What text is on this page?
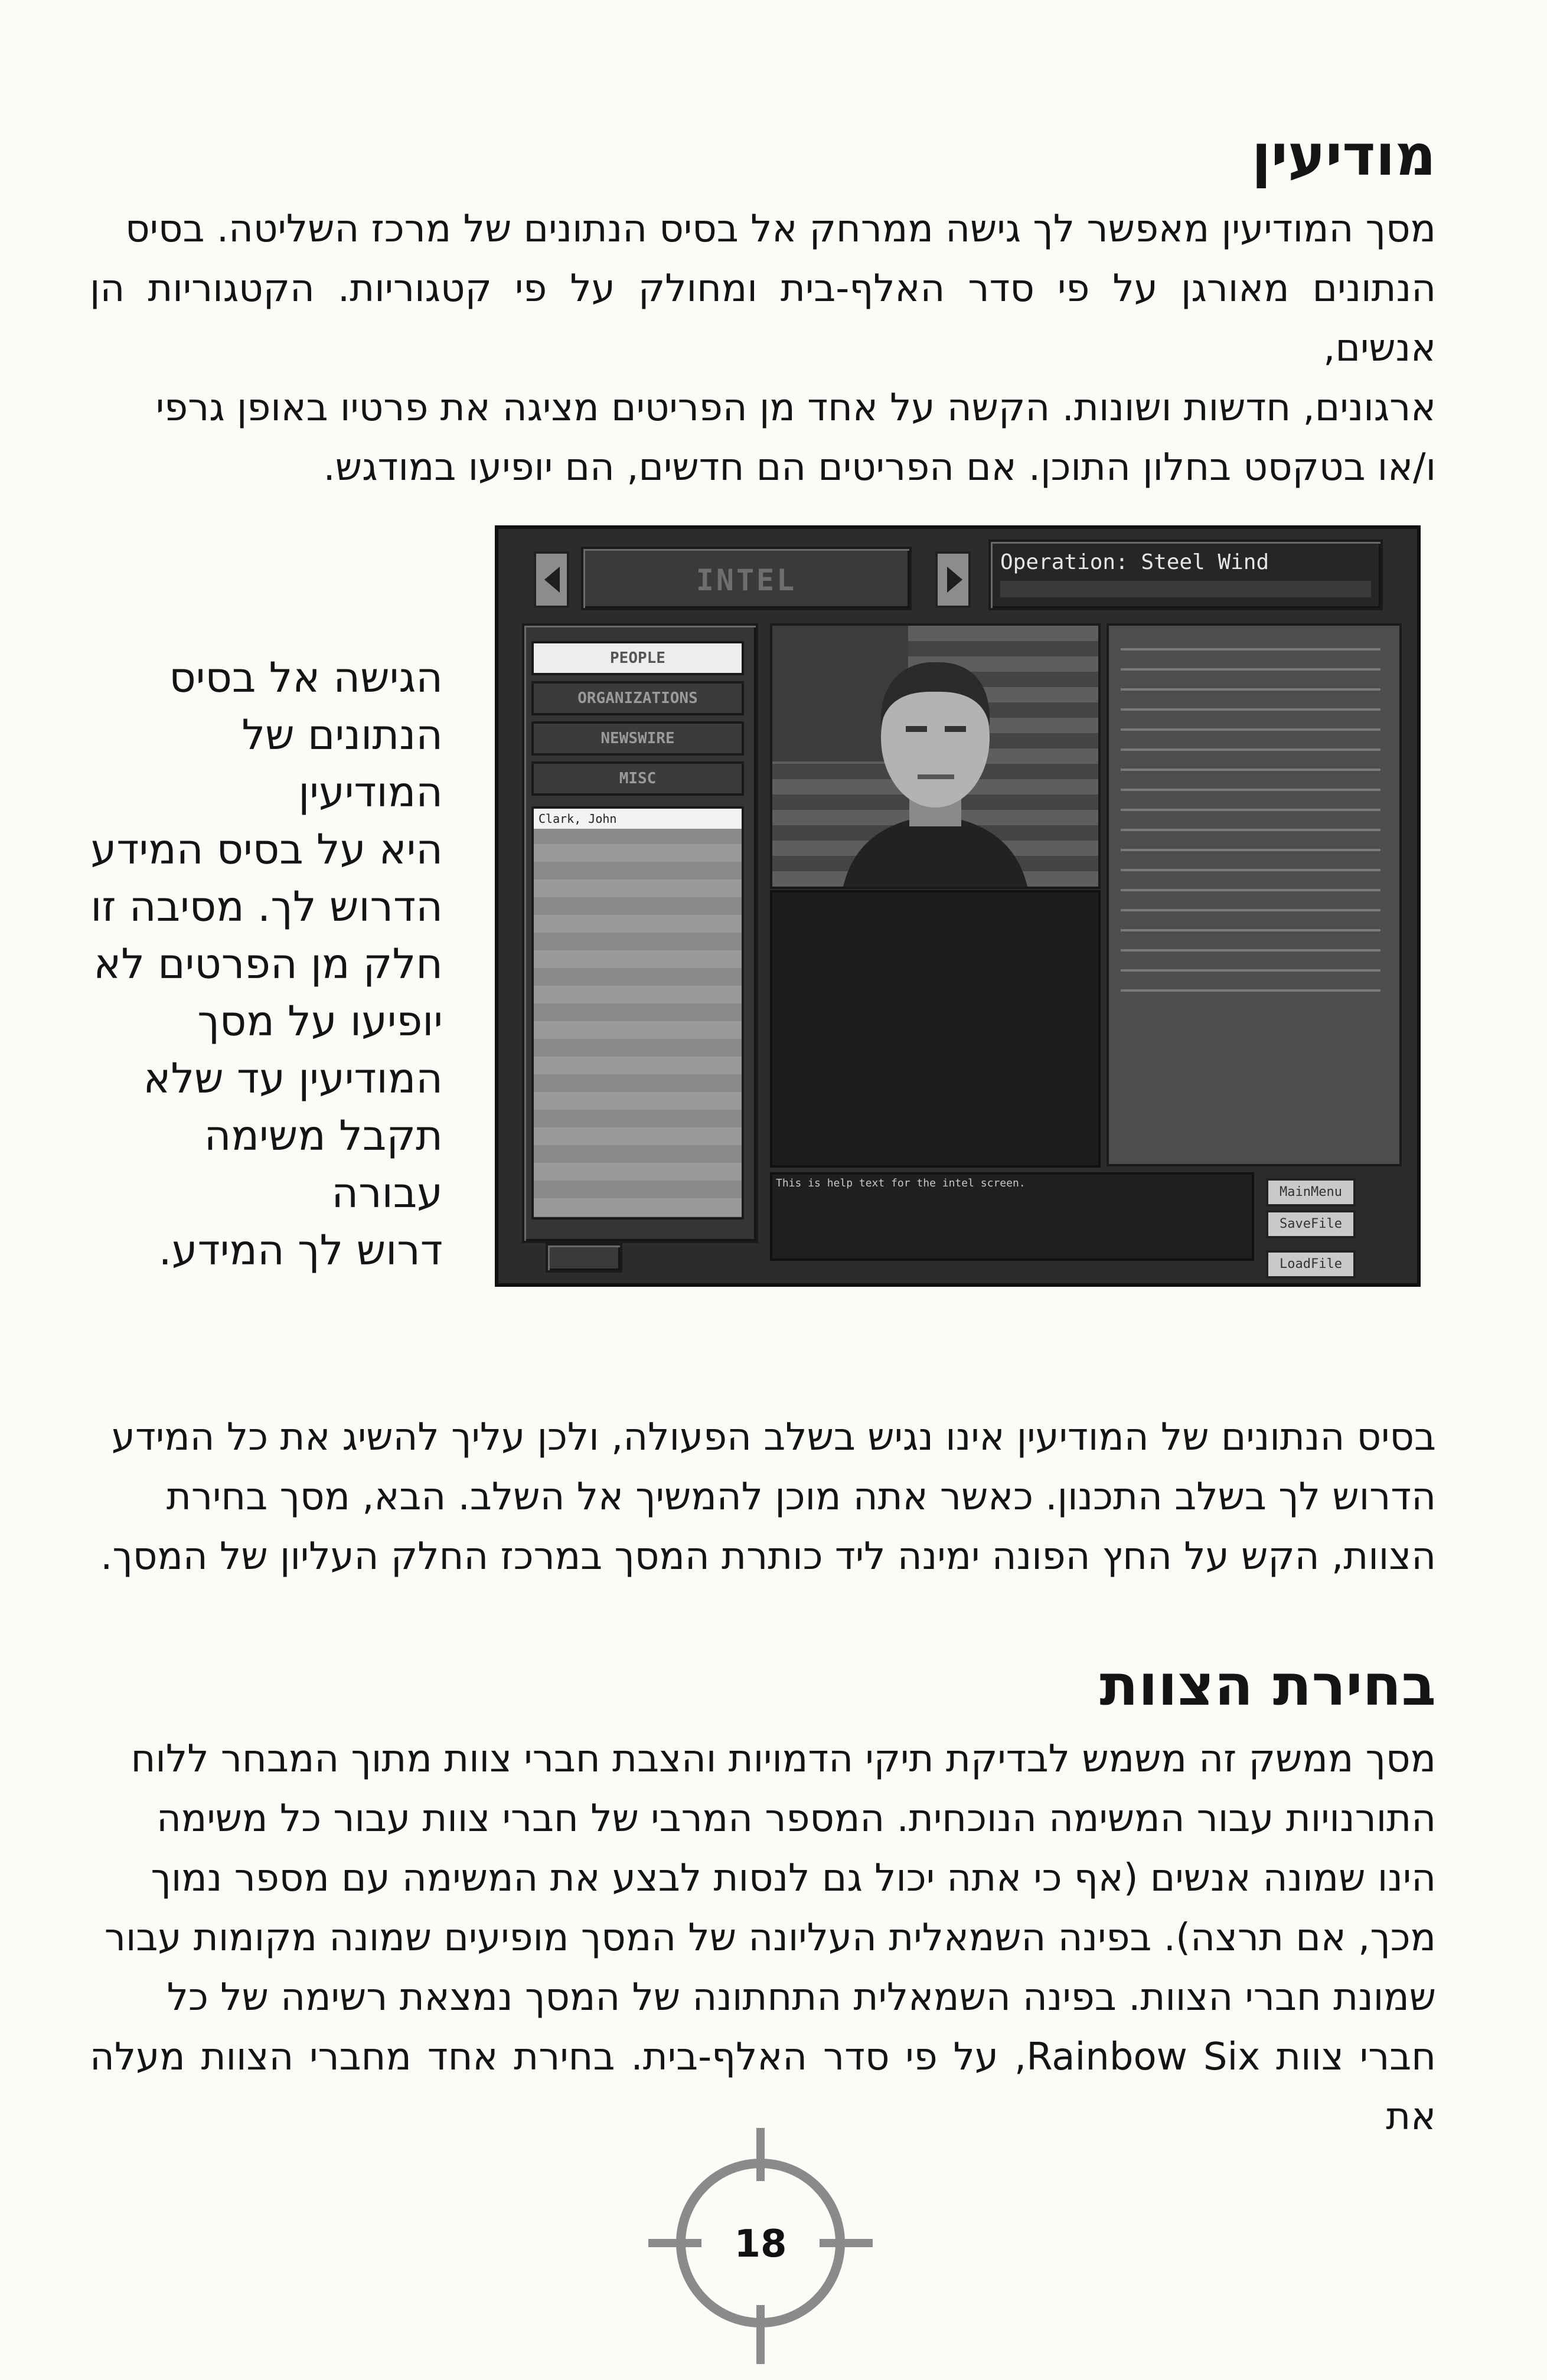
מודיעין
מסך המודיעין מאפשר לך גישה ממרחק אל בסיס הנתונים של מרכז השליטה. בסיס
הנתונים מאורגן על פי סדר האלף-בית ומחולק על פי קטגוריות. הקטגוריות הן אנשים,
ארגונים, חדשות ושונות. הקשה על אחד מן הפריטים מציגה את פרטיו באופן גרפי
ו/או בטקסט בחלון התוכן. אם הפריטים הם חדשים, הם יופיעו במודגש.
הגישה אל בסיס
הנתונים של המודיעין
היא על בסיס המידע
הדרוש לך. מסיבה זו
חלק מן הפרטים לא
יופיעו על מסך
המודיעין עד שלא
תקבל משימה עבורה
דרוש לך המידע.
INTEL
Operation: Steel Wind
PEOPLE
ORGANIZATIONS
NEWSWIRE
MISC
Clark, John
This is help text for the intel screen.
MainMenu
SaveFile
LoadFile
בסיס הנתונים של המודיעין אינו נגיש בשלב הפעולה, ולכן עליך להשיג את כל המידע
הדרוש לך בשלב התכנון. כאשר אתה מוכן להמשיך אל השלב. הבא, מסך בחירת
הצוות, הקש על החץ הפונה ימינה ליד כותרת המסך במרכז החלק העליון של המסך.
בחירת הצוות
מסך ממשק זה משמש לבדיקת תיקי הדמויות והצבת חברי צוות מתוך המבחר ללוח
התורנויות עבור המשימה הנוכחית. המספר המרבי של חברי צוות עבור כל משימה
הינו שמונה אנשים (אף כי אתה יכול גם לנסות לבצע את המשימה עם מספר נמוך
מכך, אם תרצה). בפינה השמאלית העליונה של המסך מופיעים שמונה מקומות עבור
שמונת חברי הצוות. בפינה השמאלית התחתונה של המסך נמצאת רשימה של כל
חברי צוות Rainbow Six, על פי סדר האלף-בית. בחירת אחד מחברי הצוות מעלה את
18
